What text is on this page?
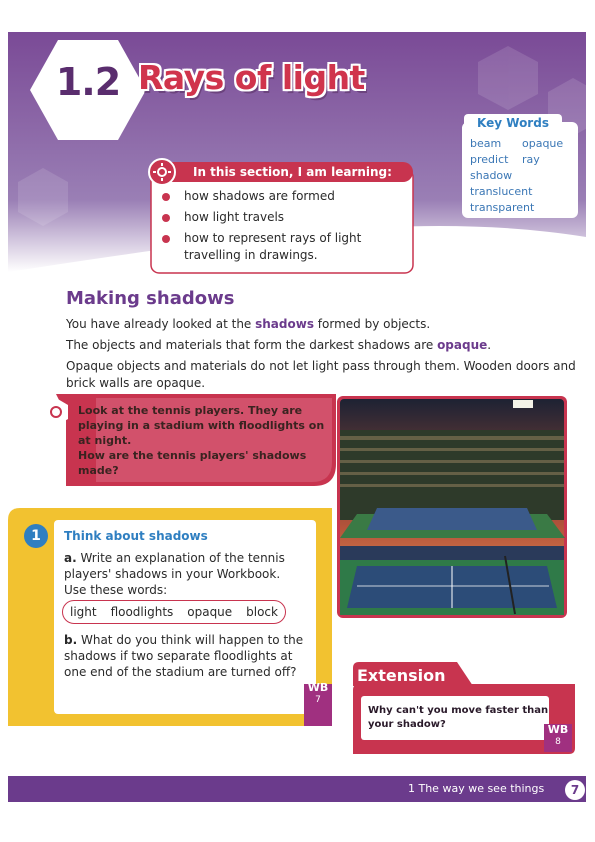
1.2 Rays of light
Key Words
beam opaque
predict ray
shadow
translucent
transparent
In this section, I am learning:
how shadows are formed
how light travels
how to represent rays of light travelling in drawings.
Making shadows

You have already looked at the shadows formed by objects.

The objects and materials that form the darkest shadows are opaque.

Opaque objects and materials do not let light pass through them. Wooden doors and brick walls are opaque.

Look at the tennis players. They are playing in a stadium with floodlights on at night.
How are the tennis players' shadows made?
1	Think about shadows
a. Write an explanation of the tennis players' shadows in your Workbook. Use these words:
light floodlights opaque block
b. What do you think will happen to the shadows if two separate floodlights at one end of the stadium are turned off?
WB
7
Extension
Why can't you move faster than your shadow?	WB
8
1 The way we see things	7
